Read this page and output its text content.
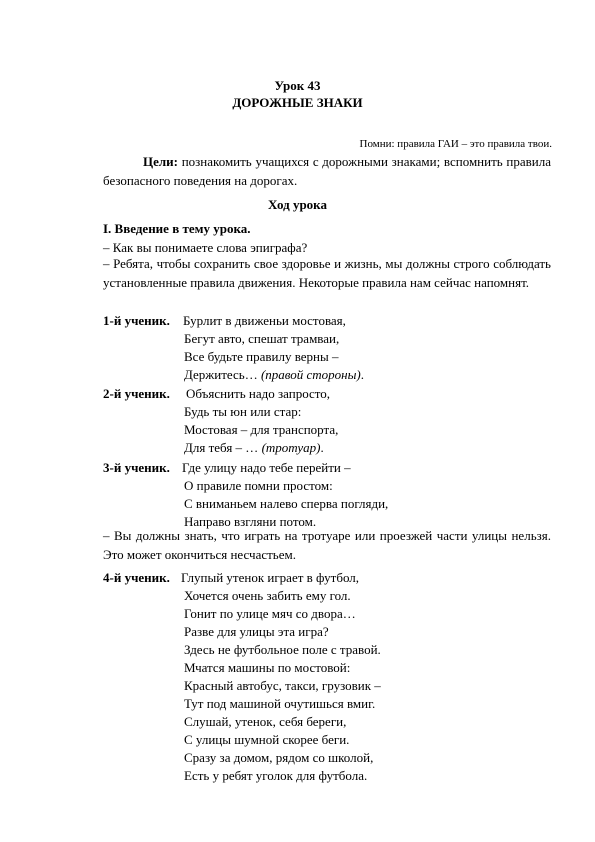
Урок 43
ДОРОЖНЫЕ ЗНАКИ
Помни: правила ГАИ – это правила твои.
Цели: познакомить учащихся с дорожными знаками; вспомнить правила безопасного поведения на дорогах.
Ход урока
I. Введение в тему урока.
– Как вы понимаете слова эпиграфа?
– Ребята, чтобы сохранить свое здоровье и жизнь, мы должны строго соблюдать установленные правила движения. Некоторые правила нам сейчас напомнят.
1-й ученик. Бурлит в движеньи мостовая,
Бегут авто, спешат трамваи,
Все будьте правилу верны –
Держитесь… (правой стороны).
2-й ученик. Объяснить надо запросто,
Будь ты юн или стар:
Мостовая – для транспорта,
Для тебя – … (тротуар).
3-й ученик. Где улицу надо тебе перейти –
О правиле помни простом:
С вниманьем налево сперва погляди,
Направо взгляни потом.
– Вы должны знать, что играть на тротуаре или проезжей части улицы нельзя. Это может окончиться несчастьем.
4-й ученик. Глупый утенок играет в футбол,
Хочется очень забить ему гол.
Гонит по улице мяч со двора…
Разве для улицы эта игра?
Здесь не футбольное поле с травой.
Мчатся машины по мостовой:
Красный автобус, такси, грузовик –
Тут под машиной очутишься вмиг.
Слушай, утенок, себя береги,
С улицы шумной скорее беги.
Сразу за домом, рядом со школой,
Есть у ребят уголок для футбола.
